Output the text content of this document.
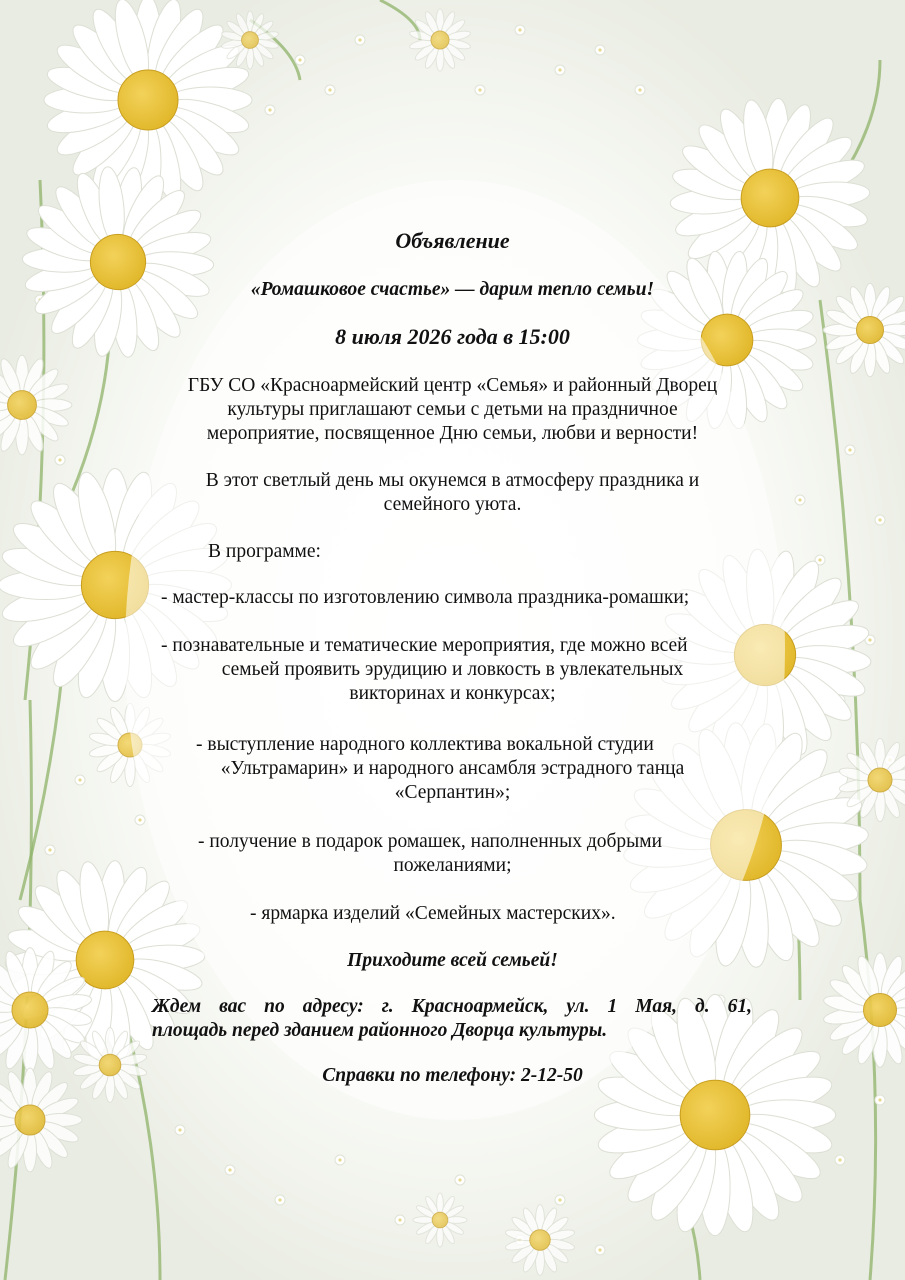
Объявление
«Ромашковое счастье» — дарим тепло семьи!
8 июля 2026 года в 15:00
ГБУ СО «Красноармейский центр «Семья» и районный Дворец
культуры приглашают семьи с детьми на праздничное
мероприятие, посвященное Дню семьи, любви и верности!
В этот светлый день мы окунемся в атмосферу праздника и
семейного уюта.
В программе:
- мастер-классы по изготовлению символа праздника-ромашки;
- познавательные и тематические мероприятия, где можно всей
семьей проявить эрудицию и ловкость в увлекательных
викторинах и конкурсах;
- выступление народного коллектива вокальной студии
«Ультрамарин» и народного ансамбля эстрадного танца
«Серпантин»;
- получение в подарок ромашек, наполненных добрыми
пожеланиями;
- ярмарка изделий «Семейных мастерских».
Приходите всей семьей!
Ждем вас по адресу: г. Красноармейск, ул. 1 Мая, д. 61,
площадь перед зданием районного Дворца культуры.
Справки по телефону: 2-12-50
